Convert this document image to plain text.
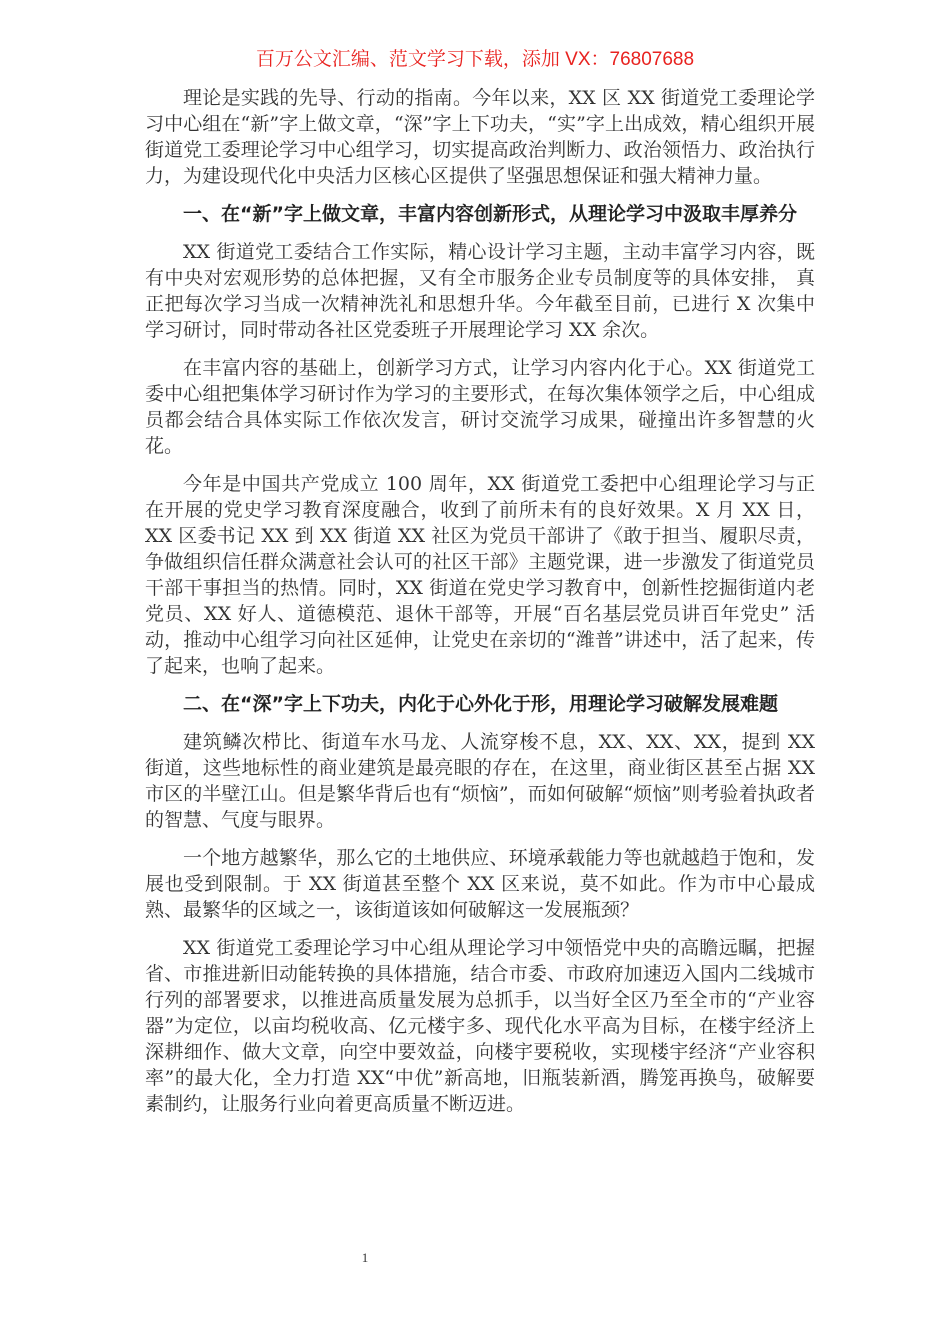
百万公文汇编、范文学习下载，添加 VX：76807688

理论是实践的先导、行动的指南。今年以来，XX 区 XX 街道党工委理论学习中心组在“新”字上做文章，“深”字上下功夫，“实”字上出成效，精心组织开展街道党工委理论学习中心组学习，切实提高政治判断力、政治领悟力、政治执行力，为建设现代化中央活力区核心区提供了坚强思想保证和强大精神力量。

一、在“新”字上做文章，丰富内容创新形式，从理论学习中汲取丰厚养分

XX 街道党工委结合工作实际，精心设计学习主题，主动丰富学习内容，既有中央对宏观形势的总体把握，又有全市服务企业专员制度等的具体安排， 真正把每次学习当成一次精神洗礼和思想升华。今年截至目前，已进行 X 次集中学习研讨，同时带动各社区党委班子开展理论学习 XX 余次。

在丰富内容的基础上，创新学习方式，让学习内容内化于心。XX 街道党工委中心组把集体学习研讨作为学习的主要形式，在每次集体领学之后，中心组成员都会结合具体实际工作依次发言，研讨交流学习成果，碰撞出许多智慧的火花。

今年是中国共产党成立 100 周年，XX 街道党工委把中心组理论学习与正在开展的党史学习教育深度融合，收到了前所未有的良好效果。X 月 XX 日，XX 区委书记 XX 到 XX 街道 XX 社区为党员干部讲了《敢于担当、履职尽责，争做组织信任群众满意社会认可的社区干部》主题党课，进一步激发了街道党员干部干事担当的热情。同时，XX 街道在党史学习教育中，创新性挖掘街道内老党员、XX 好人、道德模范、退休干部等，开展“百名基层党员讲百年党史” 活动，推动中心组学习向社区延伸，让党史在亲切的“潍普”讲述中，活了起来，传了起来，也响了起来。

二、在“深”字上下功夫，内化于心外化于形，用理论学习破解发展难题

建筑鳞次栉比、街道车水马龙、人流穿梭不息，XX、XX、XX，提到 XX 街道，这些地标性的商业建筑是最亮眼的存在，在这里，商业街区甚至占据 XX 市区的半壁江山。但是繁华背后也有“烦恼”，而如何破解“烦恼”则考验着执政者的智慧、气度与眼界。

一个地方越繁华，那么它的土地供应、环境承载能力等也就越趋于饱和，发展也受到限制。于 XX 街道甚至整个 XX 区来说，莫不如此。作为市中心最成熟、最繁华的区域之一，该街道该如何破解这一发展瓶颈？

XX 街道党工委理论学习中心组从理论学习中领悟党中央的高瞻远瞩，把握省、市推进新旧动能转换的具体措施，结合市委、市政府加速迈入国内二线城市行列的部署要求，以推进高质量发展为总抓手，以当好全区乃至全市的“产业容器”为定位，以亩均税收高、亿元楼宇多、现代化水平高为目标，在楼宇经济上深耕细作、做大文章，向空中要效益，向楼宇要税收，实现楼宇经济“产业容积率”的最大化，全力打造 XX“中优”新高地，旧瓶装新酒，腾笼再换鸟，破解要素制约，让服务行业向着更高质量不断迈进。

1
